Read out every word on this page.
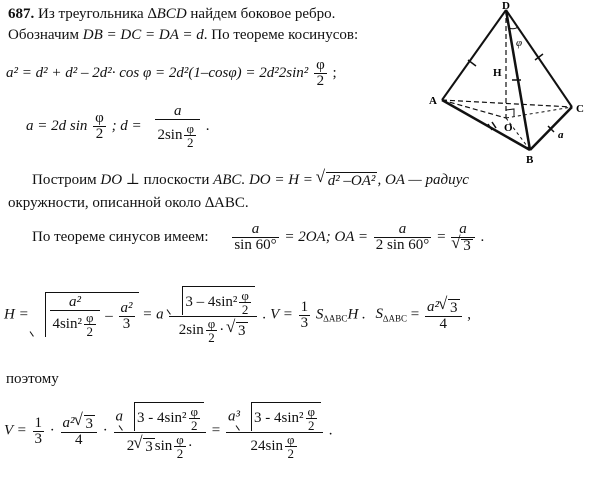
687. Из треугольника ∆BCD найдем боковое ребро.
Обозначим DB = DC = DA = d. По теореме косинусов:
$a^2 = d^2 + d^2 - 2d^2\cdot \cos \varphi = 2d^2(1-\cos\varphi) = 2d^22\sin^2 \frac{\varphi}{2}$ ;
a = 2d $\sin \frac{\varphi}{2}$ ; $d = \frac{a}{2\sin \frac{\varphi}{2}}$ .
D
A
C
B
O
H
a
φ
Построим DO ⊥ плоскости ABC. DO = H = √ d² –OA² , OA — радиус
окружности, описанной около ∆ABC.
По теореме синусов имеем: $\frac{a}{\sin 60^\circ} = 2OA$; OA = $\frac{a}{2 \sin 60^\circ} = a$
√ 3 .
$H = \frac{\text{a²}}{4\sin^2 \frac{\varphi}{2}} - \frac{\text{a²}}{3} = a \frac{3 - 4\sin^2 \frac{\varphi}{2}}{2\sin \frac{\varphi}{2} \cdot √ 3}$ . $V = \frac{1}{3} S_{\Delta ABC}H$ . $S_{\Delta ABC} = \frac{\text{a² √ 3}}{4}$ ,
поэтому
$V = \frac{1}{3} \cdot \frac{\text{a² √ 3}}{4} \cdot \frac{a 3 - 4\sin^2 \frac{\varphi}{2}}{2 √ 3 \sin \frac{\varphi}{2} \cdot} = \frac{a^3 3 - 4\sin^2 \frac{\varphi}{2}}{24\sin \frac{\varphi}{2}}$ .
